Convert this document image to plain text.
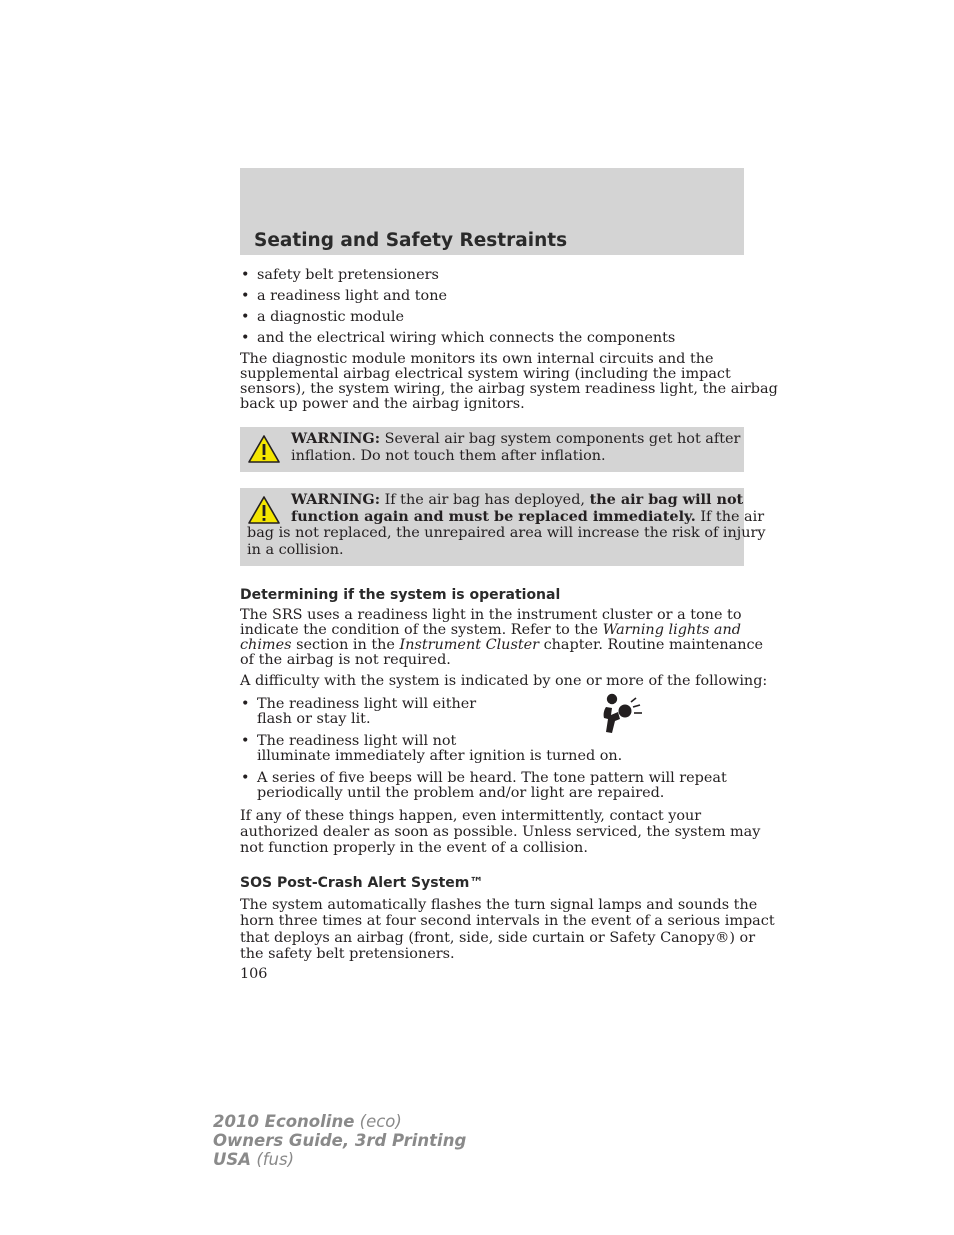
Seating and Safety Restraints
• safety belt pretensioners
• a readiness light and tone
• a diagnostic module
• and the electrical wiring which connects the components

The diagnostic module monitors its own internal circuits and the
supplemental airbag electrical system wiring (including the impact
sensors), the system wiring, the airbag system readiness light, the airbag
back up power and the airbag ignitors.

WARNING: Several air bag system components get hot after
inflation. Do not touch them after inflation.
WARNING: If the air bag has deployed, the air bag will not
function again and must be replaced immediately. If the air
bag is not replaced, the unrepaired area will increase the risk of injury
in a collision.
Determining if the system is operational

The SRS uses a readiness light in the instrument cluster or a tone to
indicate the condition of the system. Refer to the Warning lights and
chimes section in the Instrument Cluster chapter. Routine maintenance
of the airbag is not required.

A difficulty with the system is indicated by one or more of the following:

• The readiness light will either
flash or stay lit.
• The readiness light will not
illuminate immediately after ignition is turned on.
• A series of five beeps will be heard. The tone pattern will repeat
periodically until the problem and/or light are repaired.

If any of these things happen, even intermittently, contact your
authorized dealer as soon as possible. Unless serviced, the system may
not function properly in the event of a collision.

SOS Post-Crash Alert System™

The system automatically flashes the turn signal lamps and sounds the
horn three times at four second intervals in the event of a serious impact
that deploys an airbag (front, side, side curtain or Safety Canopy®) or
the safety belt pretensioners.

106

2010 Econoline (eco)
Owners Guide, 3rd Printing
USA (fus)
